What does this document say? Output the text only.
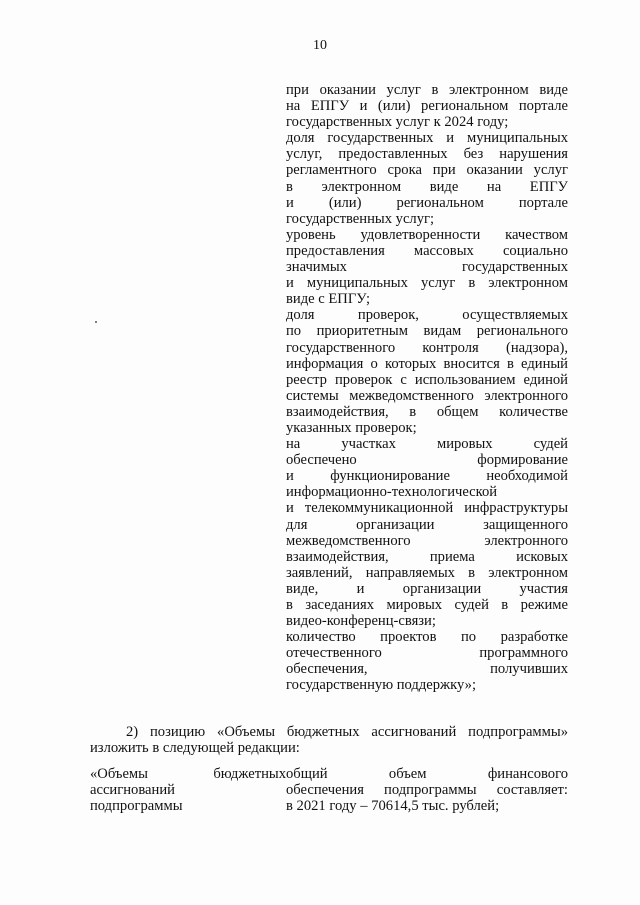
10
при оказании услуг в электронном виде
на ЕПГУ и (или) региональном портале
государственных услуг к 2024 году;
доля государственных и муниципальных
услуг, предоставленных без нарушения
регламентного срока при оказании услуг
в электронном виде на ЕПГУ
и (или) региональном портале
государственных услуг;
уровень удовлетворенности качеством
предоставления массовых социально
значимых государственных
и муниципальных услуг в электронном
виде с ЕПГУ;
доля проверок, осуществляемых
по приоритетным видам регионального
государственного контроля (надзора),
информация о которых вносится в единый
реестр проверок с использованием единой
системы межведомственного электронного
взаимодействия, в общем количестве
указанных проверок;
на участках мировых судей
обеспечено формирование
и функционирование необходимой
информационно-технологической
и телекоммуникационной инфраструктуры
для организации защищенного
межведомственного электронного
взаимодействия, приема исковых
заявлений, направляемых в электронном
виде, и организации участия
в заседаниях мировых судей в режиме
видео-конференц-связи;
количество проектов по разработке
отечественного программного
обеспечения, получивших
государственную поддержку»;
2) позицию «Объемы бюджетных ассигнований подпрограммы»
изложить в следующей редакции:
«Объемы бюджетных общий объем финансового
ассигнований	обеспечения подпрограммы составляет:
подпрограммы	в 2021 году – 70614,5 тыс. рублей;
